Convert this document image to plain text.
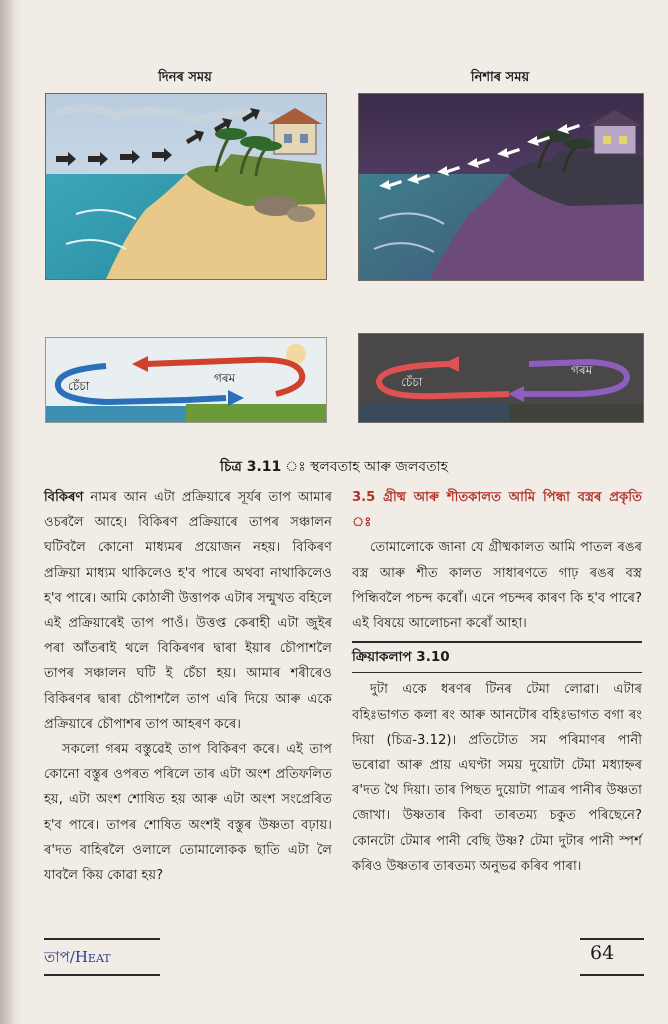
দিনৰ সময়	নিশাৰ সময়
চেঁচা
গৰম	চেঁচা
গৰম
চিত্ৰ 3.11 ঃ স্থলবতাহ আৰু জলবতাহ

বিকিৰণ নামৰ আন এটা প্ৰক্ৰিয়াৰে সূৰ্যৰ তাপ আমাৰ ওচৰলৈ আহে। বিকিৰণ প্ৰক্ৰিয়াৰে তাপৰ সঞ্চালন ঘটিবলৈ কোনো মাধ্যমৰ প্ৰয়োজন নহয়। বিকিৰণ প্ৰক্ৰিয়া মাধ্যম থাকিলেও হ'ব পাৰে অথবা নাথাকিলেও হ'ব পাৰে। আমি কোঠালী উত্তাপক এটাৰ সন্মুখত বহিলে এই প্ৰক্ৰিয়াৰেই তাপ পাওঁ। উত্তপ্ত কেৰাহী এটা জুইৰ পৰা আঁতৰাই থলে বিকিৰণৰ দ্বাৰা ইয়াৰ চৌপাশলৈ তাপৰ সঞ্চালন ঘটি ই চেঁচা হয়। আমাৰ শৰীৰেও বিকিৰণৰ দ্বাৰা চৌপাশলৈ তাপ এৰি দিয়ে আৰু একে প্ৰক্ৰিয়াৰে চৌপাশৰ তাপ আহৰণ কৰে।

সকলো গৰম বস্তুৱেই তাপ বিকিৰণ কৰে। এই তাপ কোনো বস্তুৰ ওপৰত পৰিলে তাৰ এটা অংশ প্ৰতিফলিত হয়, এটা অংশ শোষিত হয় আৰু এটা অংশ সংপ্ৰেৰিত হ'ব পাৰে। তাপৰ শোষিত অংশই বস্তুৰ উষ্ণতা বঢ়ায়। ৰ'দত বাহিৰলৈ ওলালে তোমালোকক ছাতি এটা লৈ যাবলৈ কিয় কোৱা হয়?

3.5 গ্ৰীষ্ম আৰু শীতকালত আমি পিন্ধা বস্ত্ৰৰ প্ৰকৃতি ঃ

তোমালোকে জানা যে গ্ৰীষ্মকালত আমি পাতল ৰঙৰ বস্ত্ৰ আৰু শীত কালত সাধাৰণতে গাঢ় ৰঙৰ বস্ত্ৰ পিন্ধিবলৈ পচন্দ কৰোঁ। এনে পচন্দৰ কাৰণ কি হ'ব পাৰে? এই বিষয়ে আলোচনা কৰোঁ আহা।

ক্ৰিয়াকলাপ 3.10

দুটা একে ধৰণৰ টিনৰ টেমা লোৱা। এটাৰ বহিঃভাগত কলা ৰং আৰু আনটোৰ বহিঃভাগত বগা ৰং দিয়া (চিত্ৰ-3.12)। প্ৰতিটোত সম পৰিমাণৰ পানী ভৰোৱা আৰু প্ৰায় এঘণ্টা সময় দুয়োটা টেমা মধ্যাহ্নৰ ৰ'দত থৈ দিয়া। তাৰ পিছত দুয়োটা পাত্ৰৰ পানীৰ উষ্ণতা জোখা। উষ্ণতাৰ কিবা তাৰতম্য চকুত পৰিছেনে? কোনটো টেমাৰ পানী বেছি উষ্ণ? টেমা দুটাৰ পানী স্পৰ্শ কৰিও উষ্ণতাৰ তাৰতম্য অনুভৱ কৰিব পাৰা।

তাপ/Heat	64
